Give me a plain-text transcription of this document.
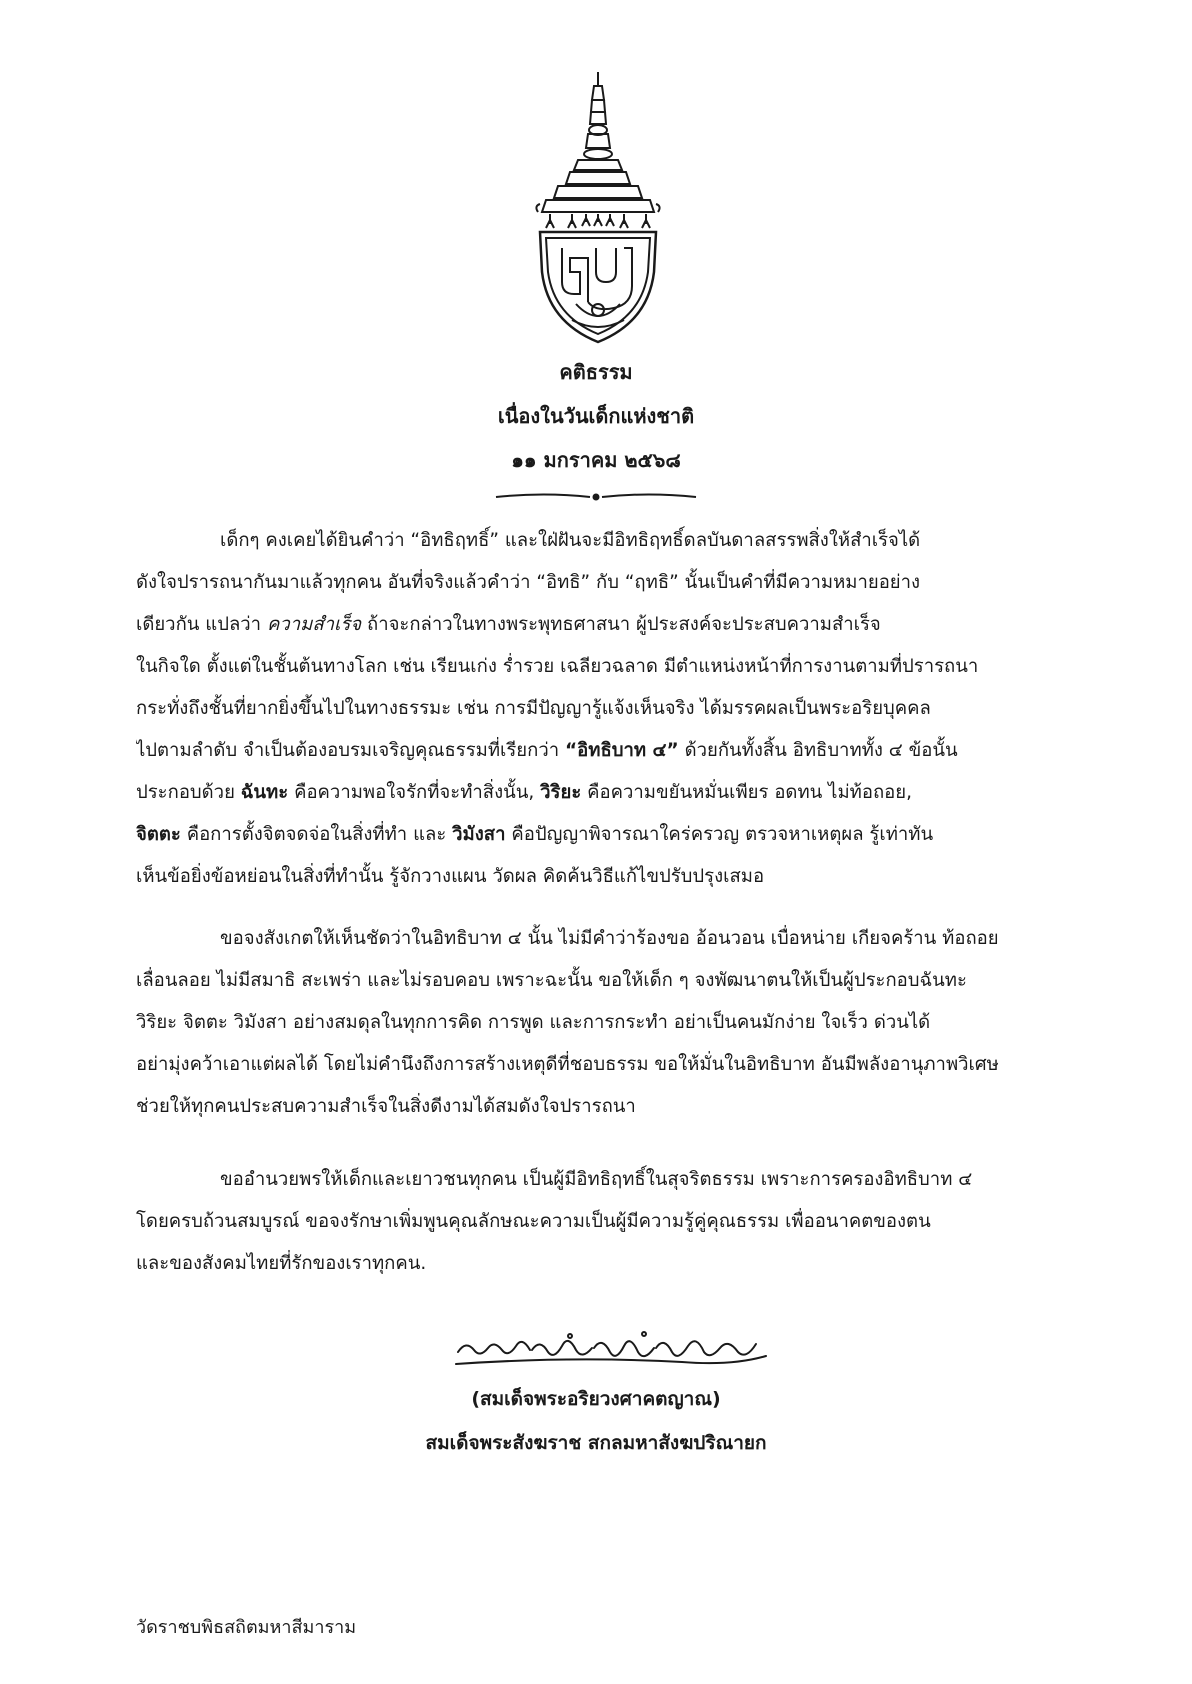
คติธรรม
เนื่องในวันเด็กแห่งชาติ
๑๑ มกราคม ๒๕๖๘
เด็กๆ คงเคยได้ยินคำว่า “อิทธิฤทธิ์” และใฝ่ฝันจะมีอิทธิฤทธิ์ดลบันดาลสรรพสิ่งให้สำเร็จได้
ดังใจปรารถนากันมาแล้วทุกคน อันที่จริงแล้วคำว่า “อิทธิ” กับ “ฤทธิ” นั้นเป็นคำที่มีความหมายอย่าง
เดียวกัน แปลว่า ความสำเร็จ ถ้าจะกล่าวในทางพระพุทธศาสนา ผู้ประสงค์จะประสบความสำเร็จ
ในกิจใด ตั้งแต่ในชั้นต้นทางโลก เช่น เรียนเก่ง ร่ำรวย เฉลียวฉลาด มีตำแหน่งหน้าที่การงานตามที่ปรารถนา
กระทั่งถึงชั้นที่ยากยิ่งขึ้นไปในทางธรรมะ เช่น การมีปัญญารู้แจ้งเห็นจริง ได้มรรคผลเป็นพระอริยบุคคล
ไปตามลำดับ จำเป็นต้องอบรมเจริญคุณธรรมที่เรียกว่า “อิทธิบาท ๔” ด้วยกันทั้งสิ้น อิทธิบาททั้ง ๔ ข้อนั้น
ประกอบด้วย ฉันทะ คือความพอใจรักที่จะทำสิ่งนั้น, วิริยะ คือความขยันหมั่นเพียร อดทน ไม่ท้อถอย,
จิตตะ คือการตั้งจิตจดจ่อในสิ่งที่ทำ และ วิมังสา คือปัญญาพิจารณาใคร่ครวญ ตรวจหาเหตุผล รู้เท่าทัน
เห็นข้อยิ่งข้อหย่อนในสิ่งที่ทำนั้น รู้จักวางแผน วัดผล คิดค้นวิธีแก้ไขปรับปรุงเสมอ
ขอจงสังเกตให้เห็นชัดว่าในอิทธิบาท ๔ นั้น ไม่มีคำว่าร้องขอ อ้อนวอน เบื่อหน่าย เกียจคร้าน ท้อถอย
เลื่อนลอย ไม่มีสมาธิ สะเพร่า และไม่รอบคอบ เพราะฉะนั้น ขอให้เด็ก ๆ จงพัฒนาตนให้เป็นผู้ประกอบฉันทะ
วิริยะ จิตตะ วิมังสา อย่างสมดุลในทุกการคิด การพูด และการกระทำ อย่าเป็นคนมักง่าย ใจเร็ว ด่วนได้
อย่ามุ่งคว้าเอาแต่ผลได้ โดยไม่คำนึงถึงการสร้างเหตุดีที่ชอบธรรม ขอให้มั่นในอิทธิบาท อันมีพลังอานุภาพวิเศษ
ช่วยให้ทุกคนประสบความสำเร็จในสิ่งดีงามได้สมดังใจปรารถนา
ขออำนวยพรให้เด็กและเยาวชนทุกคน เป็นผู้มีอิทธิฤทธิ์ในสุจริตธรรม เพราะการครองอิทธิบาท ๔
โดยครบถ้วนสมบูรณ์ ขอจงรักษาเพิ่มพูนคุณลักษณะความเป็นผู้มีความรู้คู่คุณธรรม เพื่ออนาคตของตน
และของสังคมไทยที่รักของเราทุกคน.
(สมเด็จพระอริยวงศาคตญาณ)
สมเด็จพระสังฆราช สกลมหาสังฆปริณายก
วัดราชบพิธสถิตมหาสีมาราม
